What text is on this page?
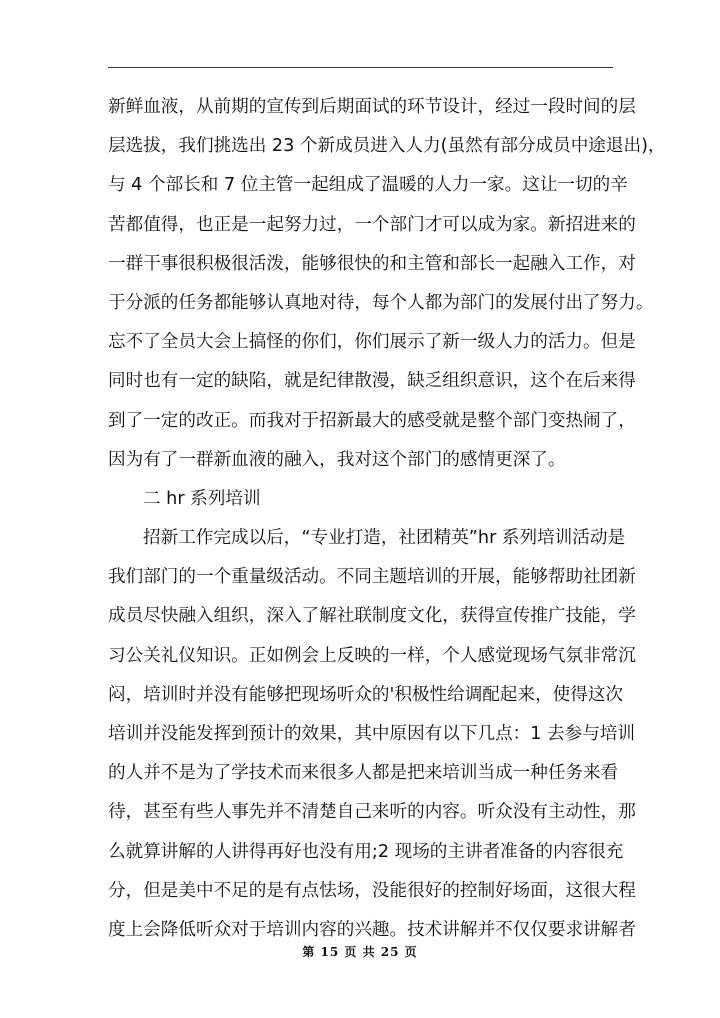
新鲜血液，从前期的宣传到后期面试的环节设计，经过一段时间的层
层选拔，我们挑选出 23 个新成员进入人力(虽然有部分成员中途退出)，
与 4 个部长和 7 位主管一起组成了温暖的人力一家。这让一切的辛
苦都值得，也正是一起努力过，一个部门才可以成为家。新招进来的
一群干事很积极很活泼，能够很快的和主管和部长一起融入工作，对
于分派的任务都能够认真地对待，每个人都为部门的发展付出了努力。
忘不了全员大会上搞怪的你们，你们展示了新一级人力的活力。但是
同时也有一定的缺陷，就是纪律散漫，缺乏组织意识，这个在后来得
到了一定的改正。而我对于招新最大的感受就是整个部门变热闹了，
因为有了一群新血液的融入，我对这个部门的感情更深了。
二 hr 系列培训
招新工作完成以后，“专业打造，社团精英”hr 系列培训活动是
我们部门的一个重量级活动。不同主题培训的开展，能够帮助社团新
成员尽快融入组织，深入了解社联制度文化，获得宣传推广技能，学
习公关礼仪知识。正如例会上反映的一样，个人感觉现场气氛非常沉
闷，培训时并没有能够把现场听众的'积极性给调配起来，使得这次
培训并没能发挥到预计的效果，其中原因有以下几点：1 去参与培训
的人并不是为了学技术而来很多人都是把来培训当成一种任务来看
待，甚至有些人事先并不清楚自己来听的内容。听众没有主动性，那
么就算讲解的人讲得再好也没有用;2 现场的主讲者准备的内容很充
分，但是美中不足的是有点怯场，没能很好的控制好场面，这很大程
度上会降低听众对于培训内容的兴趣。技术讲解并不仅仅要求讲解者
第 15 页 共 25 页
